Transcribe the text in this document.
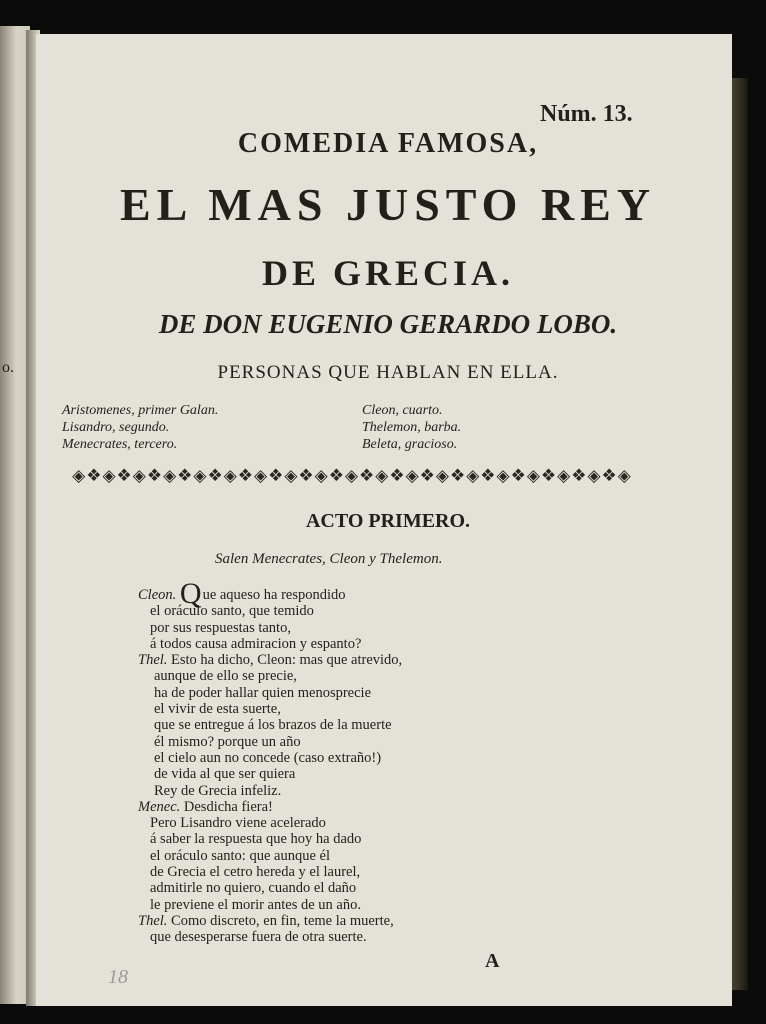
o.
Núm. 13.
COMEDIA FAMOSA,
EL MAS JUSTO REY
DE GRECIA.
DE DON EUGENIO GERARDO LOBO.
PERSONAS QUE HABLAN EN ELLA.
Aristomenes, primer Galan.
Lisandro, segundo.
Menecrates, tercero.
Cleon, cuarto.
Thelemon, barba.
Beleta, gracioso.
◈❖◈❖◈❖◈❖◈❖◈❖◈❖◈❖◈❖◈❖◈❖◈❖◈❖◈❖◈❖◈❖◈❖◈❖◈
ACTO PRIMERO.
Salen Menecrates, Cleon y Thelemon.
Cleon. Que aqueso ha respondido
el oráculo santo, que temido
por sus respuestas tanto,
á todos causa admiracion y espanto?
Thel. Esto ha dicho, Cleon: mas que atrevido,
aunque de ello se precie,
ha de poder hallar quien menosprecie
el vivir de esta suerte,
que se entregue á los brazos de la muerte
él mismo? porque un año
el cielo aun no concede (caso extraño!)
de vida al que ser quiera
Rey de Grecia infeliz.
Menec. Desdicha fiera!
Pero Lisandro viene acelerado
á saber la respuesta que hoy ha dado
el oráculo santo: que aunque él
de Grecia el cetro hereda y el laurel,
admitirle no quiero, cuando el daño
le previene el morir antes de un año.
Thel. Como discreto, en fin, teme la muerte,
que desesperarse fuera de otra suerte.
A
18
